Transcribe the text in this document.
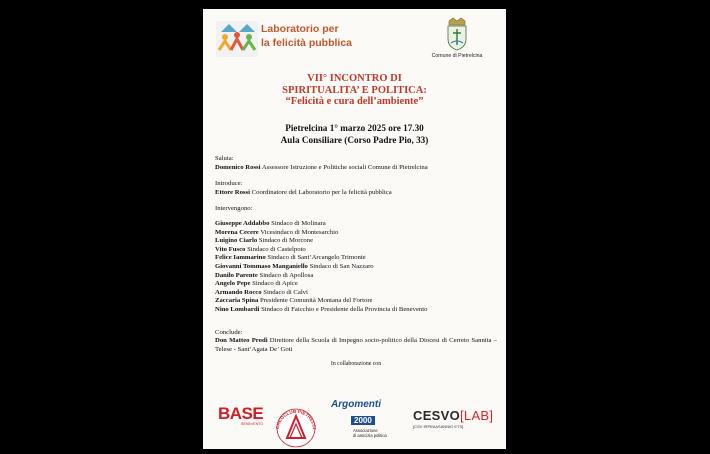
Laboratorio per
la felicità pubblica
Comune di Pietrelcina
VII° INCONTRO DI
SPIRITUALITA’ E POLITICA:
“Felicità e cura dell’ambiente”
Pietrelcina 1° marzo 2025 ore 17.30
Aula Consiliare (Corso Padre Pio, 33)
Saluta:
Domenico Rossi Assessore Istruzione e Politiche sociali Comune di Pietrelcina
Introduce:
Ettore Rossi Coordinatore del Laboratorio per la felicità pubblica
Intervengono:
Giuseppe Addabbo Sindaco di Molinara
Morena Cecere Vicesindaco di Montesarchio
Luigino Ciarlo Sindaco di Morcone
Vito Fusco Sindaco di Castelpoto
Felice Iammarino Sindaco di Sant’Arcangelo Trimonte
Giovanni Tommaso Manganiello Sindaco di San Nazzaro
Danilo Parente Sindaco di Apollosa
Angelo Pepe Sindaco di Apice
Armando Rocco Sindaco di Calvi
Zaccaria Spina Presidente Comunità Montana del Fortore
Nino Lombardi Sindaco di Faicchio e Presidente della Provincia di Benevento
Conclude:
Don Matteo Prodi Direttore della Scuola di Impegno socio-politico della Diocesi di Cerreto Sannita – Telese - Sant’Agata De’ Goti
In collaborazione con
BASE
BENEVENTO
CHEOCLUB PIETRELCI
Argomenti
2000
Associazione
di amicizia politica
CESVO[LAB]
[CSV IRPINIASANNIO ETS]
